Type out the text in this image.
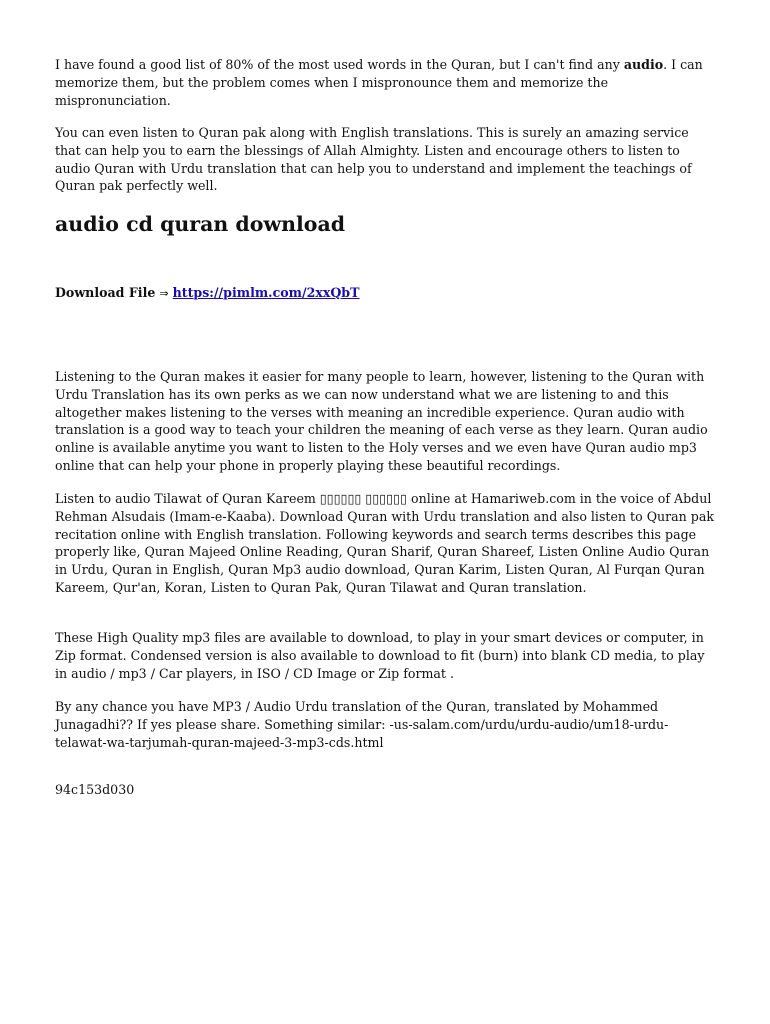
I have found a good list of 80% of the most used words in the Quran, but I can't find any audio. I can memorize them, but the problem comes when I mispronounce them and memorize the mispronunciation.

You can even listen to Quran pak along with English translations. This is surely an amazing service that can help you to earn the blessings of Allah Almighty. Listen and encourage others to listen to audio Quran with Urdu translation that can help you to understand and implement the teachings of Quran pak perfectly well.

audio cd quran download
Download File ⇒ https://pimlm.com/2xxQbT

Listening to the Quran makes it easier for many people to learn, however, listening to the Quran with Urdu Translation has its own perks as we can now understand what we are listening to and this altogether makes listening to the verses with meaning an incredible experience. Quran audio with translation is a good way to teach your children the meaning of each verse as they learn. Quran audio online is available anytime you want to listen to the Holy verses and we even have Quran audio mp3 online that can help your phone in properly playing these beautiful recordings.

Listen to audio Tilawat of Quran Kareem ▯▯▯▯▯▯ ▯▯▯▯▯▯ online at Hamariweb.com in the voice of Abdul Rehman Alsudais (Imam-e-Kaaba). Download Quran with Urdu translation and also listen to Quran pak recitation online with English translation. Following keywords and search terms describes this page properly like, Quran Majeed Online Reading, Quran Sharif, Quran Shareef, Listen Online Audio Quran in Urdu, Quran in English, Quran Mp3 audio download, Quran Karim, Listen Quran, Al Furqan Quran Kareem, Qur'an, Koran, Listen to Quran Pak, Quran Tilawat and Quran translation.

These High Quality mp3 files are available to download, to play in your smart devices or computer, in Zip format. Condensed version is also available to download to fit (burn) into blank CD media, to play in audio / mp3 / Car players, in ISO / CD Image or Zip format .

By any chance you have MP3 / Audio Urdu translation of the Quran, translated by Mohammed Junagadhi?? If yes please share. Something similar: -us-salam.com/urdu/urdu-audio/um18-urdu-telawat-wa-tarjumah-quran-majeed-3-mp3-cds.html

94c153d030
